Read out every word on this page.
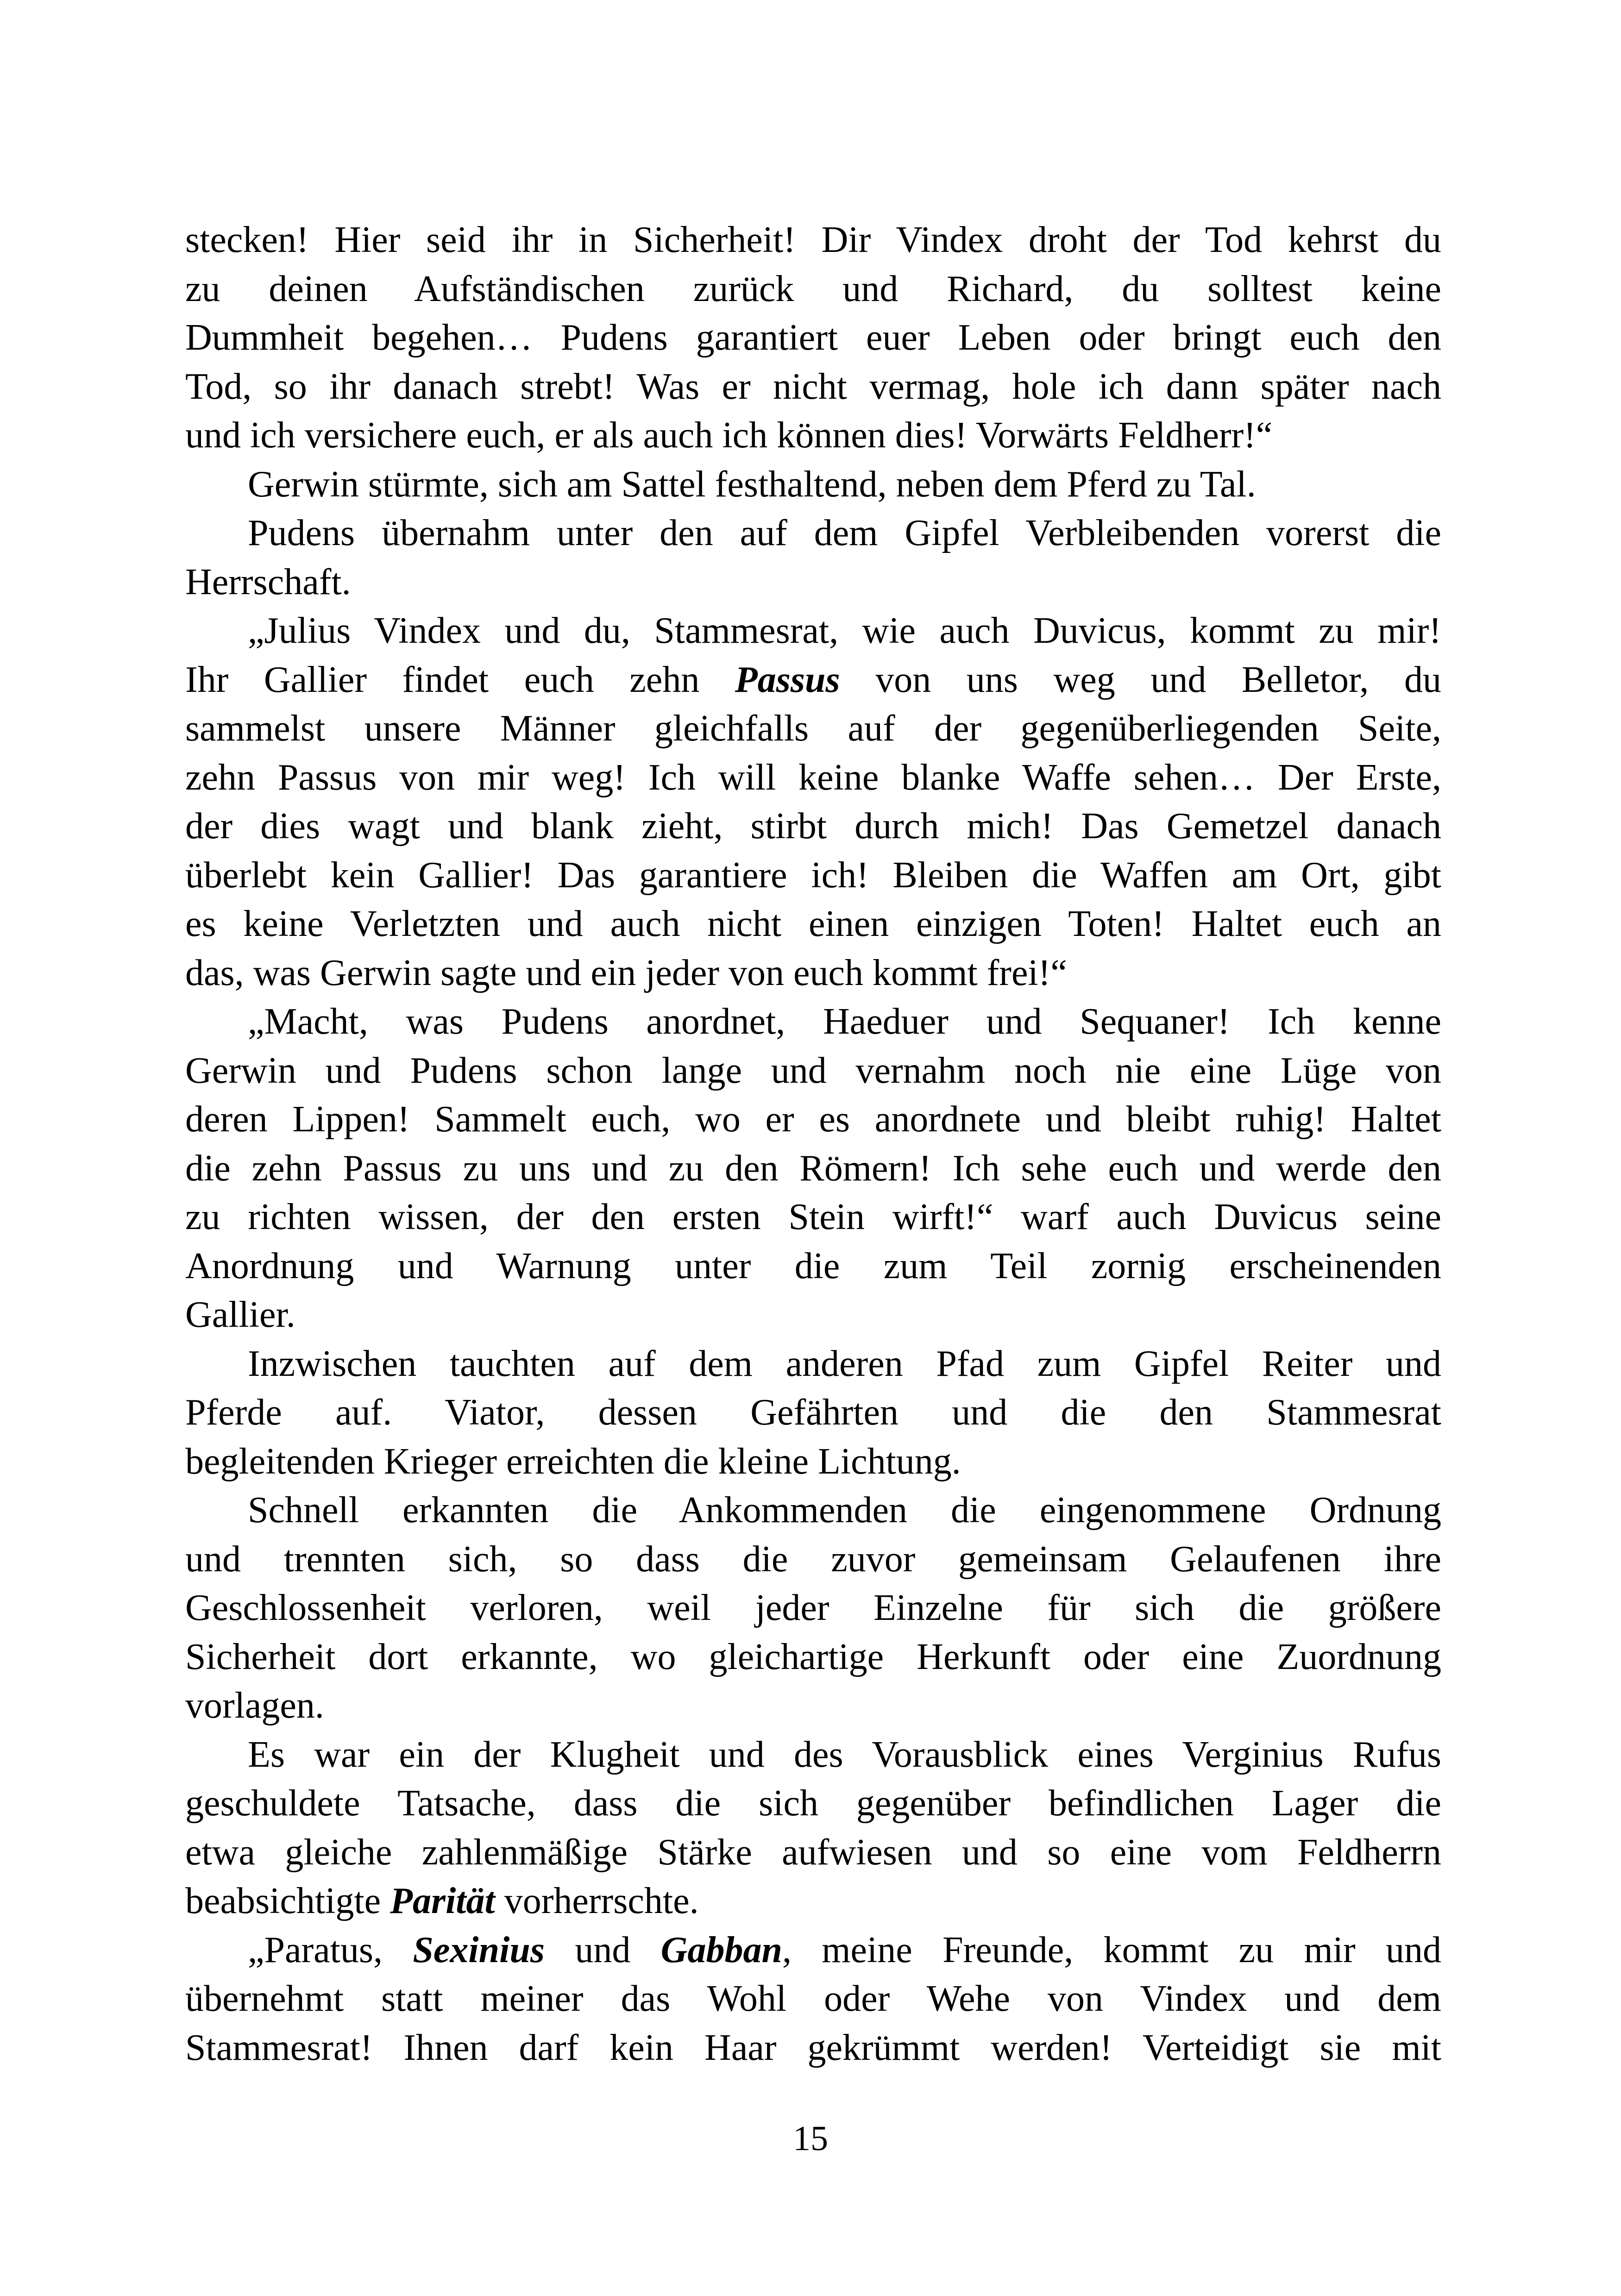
stecken! Hier seid ihr in Sicherheit! Dir Vindex droht der Tod kehrst du
zu deinen Aufständischen zurück und Richard, du solltest keine
Dummheit begehen… Pudens garantiert euer Leben oder bringt euch den
Tod, so ihr danach strebt! Was er nicht vermag, hole ich dann später nach
und ich versichere euch, er als auch ich können dies! Vorwärts Feldherr!“
Gerwin stürmte, sich am Sattel festhaltend, neben dem Pferd zu Tal.
Pudens übernahm unter den auf dem Gipfel Verbleibenden vorerst die
Herrschaft.
„Julius Vindex und du, Stammesrat, wie auch Duvicus, kommt zu mir!
Ihr Gallier findet euch zehn Passus von uns weg und Belletor, du
sammelst unsere Männer gleichfalls auf der gegenüberliegenden Seite,
zehn Passus von mir weg! Ich will keine blanke Waffe sehen… Der Erste,
der dies wagt und blank zieht, stirbt durch mich! Das Gemetzel danach
überlebt kein Gallier! Das garantiere ich! Bleiben die Waffen am Ort, gibt
es keine Verletzten und auch nicht einen einzigen Toten! Haltet euch an
das, was Gerwin sagte und ein jeder von euch kommt frei!“
„Macht, was Pudens anordnet, Haeduer und Sequaner! Ich kenne
Gerwin und Pudens schon lange und vernahm noch nie eine Lüge von
deren Lippen! Sammelt euch, wo er es anordnete und bleibt ruhig! Haltet
die zehn Passus zu uns und zu den Römern! Ich sehe euch und werde den
zu richten wissen, der den ersten Stein wirft!“ warf auch Duvicus seine
Anordnung und Warnung unter die zum Teil zornig erscheinenden
Gallier.
Inzwischen tauchten auf dem anderen Pfad zum Gipfel Reiter und
Pferde auf. Viator, dessen Gefährten und die den Stammesrat
begleitenden Krieger erreichten die kleine Lichtung.
Schnell erkannten die Ankommenden die eingenommene Ordnung
und trennten sich, so dass die zuvor gemeinsam Gelaufenen ihre
Geschlossenheit verloren, weil jeder Einzelne für sich die größere
Sicherheit dort erkannte, wo gleichartige Herkunft oder eine Zuordnung
vorlagen.
Es war ein der Klugheit und des Vorausblick eines Verginius Rufus
geschuldete Tatsache, dass die sich gegenüber befindlichen Lager die
etwa gleiche zahlenmäßige Stärke aufwiesen und so eine vom Feldherrn
beabsichtigte Parität vorherrschte.
„Paratus, Sexinius und Gabban, meine Freunde, kommt zu mir und
übernehmt statt meiner das Wohl oder Wehe von Vindex und dem
Stammesrat! Ihnen darf kein Haar gekrümmt werden! Verteidigt sie mit
15
